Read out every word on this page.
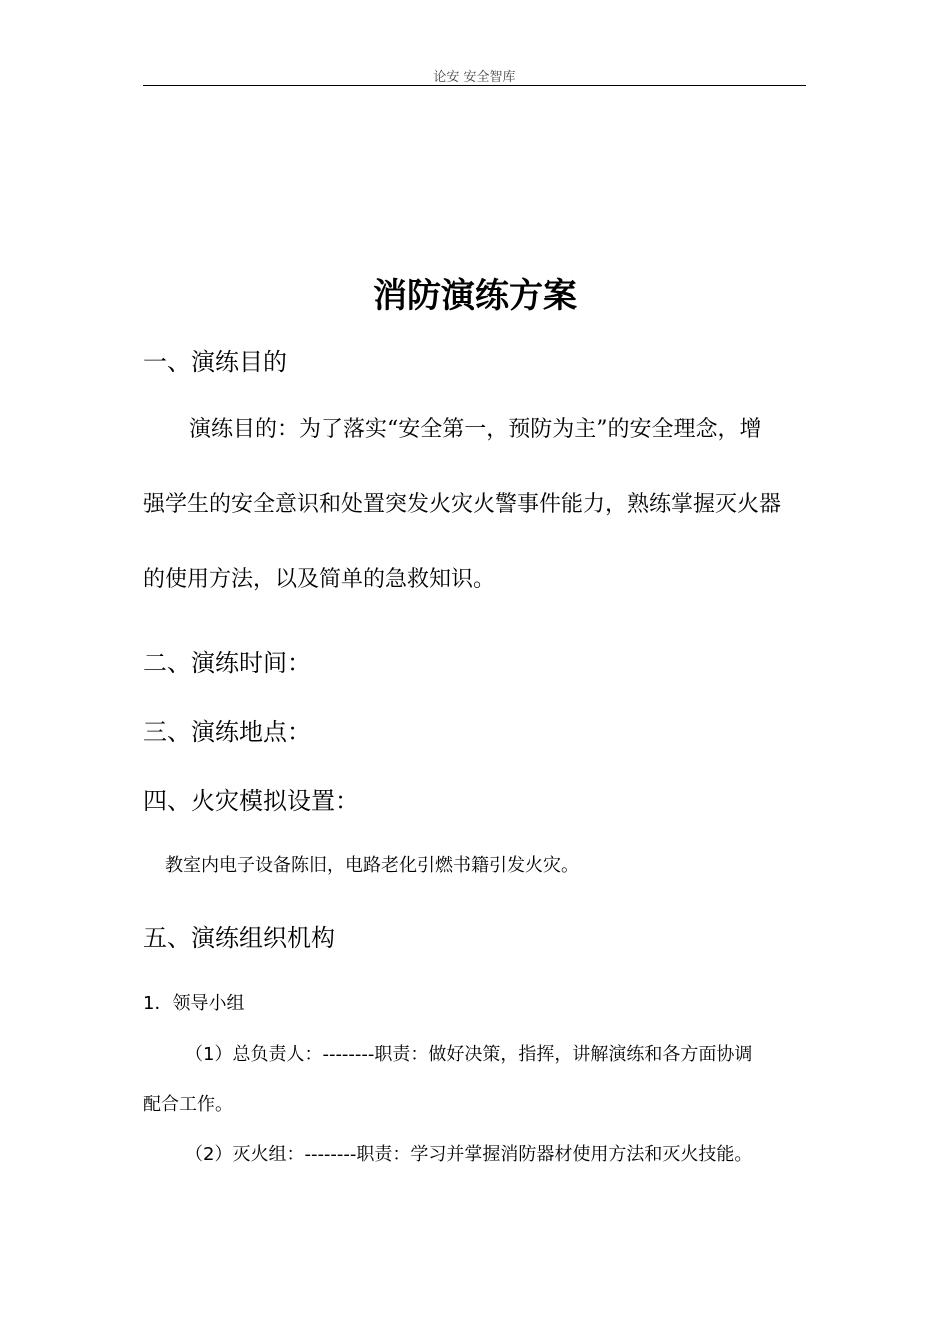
论安 安全智库
消防演练方案
一、演练目的
演练目的：为了落实“安全第一，预防为主”的安全理念，增
强学生的安全意识和处置突发火灾火警事件能力，熟练掌握灭火器
的使用方法，以及简单的急救知识。
二、演练时间：
三、演练地点：
四、火灾模拟设置：
教室内电子设备陈旧，电路老化引燃书籍引发火灾。
五、演练组织机构
1．领导小组
（1）总负责人：--------职责：做好决策，指挥，讲解演练和各方面协调
配合工作。
（2）灭火组：--------职责：学习并掌握消防器材使用方法和灭火技能。
